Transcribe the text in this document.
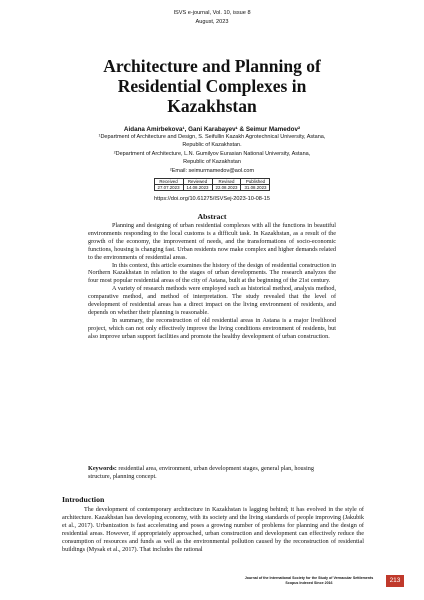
ISVS e-journal, Vol. 10, issue 8
August, 2023
Architecture and Planning of
Residential Complexes in
Kazakhstan
Aidana Amirbekova¹, Gani Karabayev¹ & Seimur Mamedov²
¹Department of Architecture and Design, S. Seifullin Kazakh Agrotechnical University, Astana,
Republic of Kazakhstan.
²Department of Architecture, L.N. Gumilyov Eurasian National University, Astana,
Republic of Kazakhstan
²Email: seimurmamedov@aol.com
Received	Reviewed	Revised	Published
27.07.2023	14.08.2023	22.08.2023	31.08.2023
https://doi.org/10.61275/ISVSej-2023-10-08-15
Abstract

Planning and designing of urban residential complexes with all the functions in beautiful environments responding to the local customs is a difficult task. In Kazakhstan, as a result of the growth of the economy, the improvement of needs, and the transformations of socio-economic functions, housing is changing fast. Urban residents now make complex and higher demands related to the environments of residential areas.

In this context, this article examines the history of the design of residential construction in Northern Kazakhstan in relation to the stages of urban developments. The research analyzes the four most popular residential areas of the city of Astana, built at the beginning of the 21st century.

A variety of research methods were employed such as historical method, analysis method, comparative method, and method of interpretation. The study revealed that the level of development of residential areas has a direct impact on the living environment of residents, and depends on whether their planning is reasonable.

In summary, the reconstruction of old residential areas in Astana is a major livelihood project, which can not only effectively improve the living conditions environment of residents, but also improve urban support facilities and promote the healthy development of urban construction.

Keywords: residential area, environment, urban development stages, general plan, housing structure, planning concept.
Introduction

The development of contemporary architecture in Kazakhstan is lagging behind; it has evolved in the style of architecture. Kazakhstan has developing economy, with its society and the living standards of people improving (Jakubik et al., 2017). Urbanization is fast accelerating and poses a growing number of problems for planning and the design of residential areas. However, if appropriately approached, urban construction and development can effectively reduce the consumption of resources and funds as well as the environmental pollution caused by the reconstruction of residential buildings (Mysak et al., 2017). That includes the rational

Journal of the International Society for the Study of Vernacular Settlements
Scopus Indexed Since 2016	213
